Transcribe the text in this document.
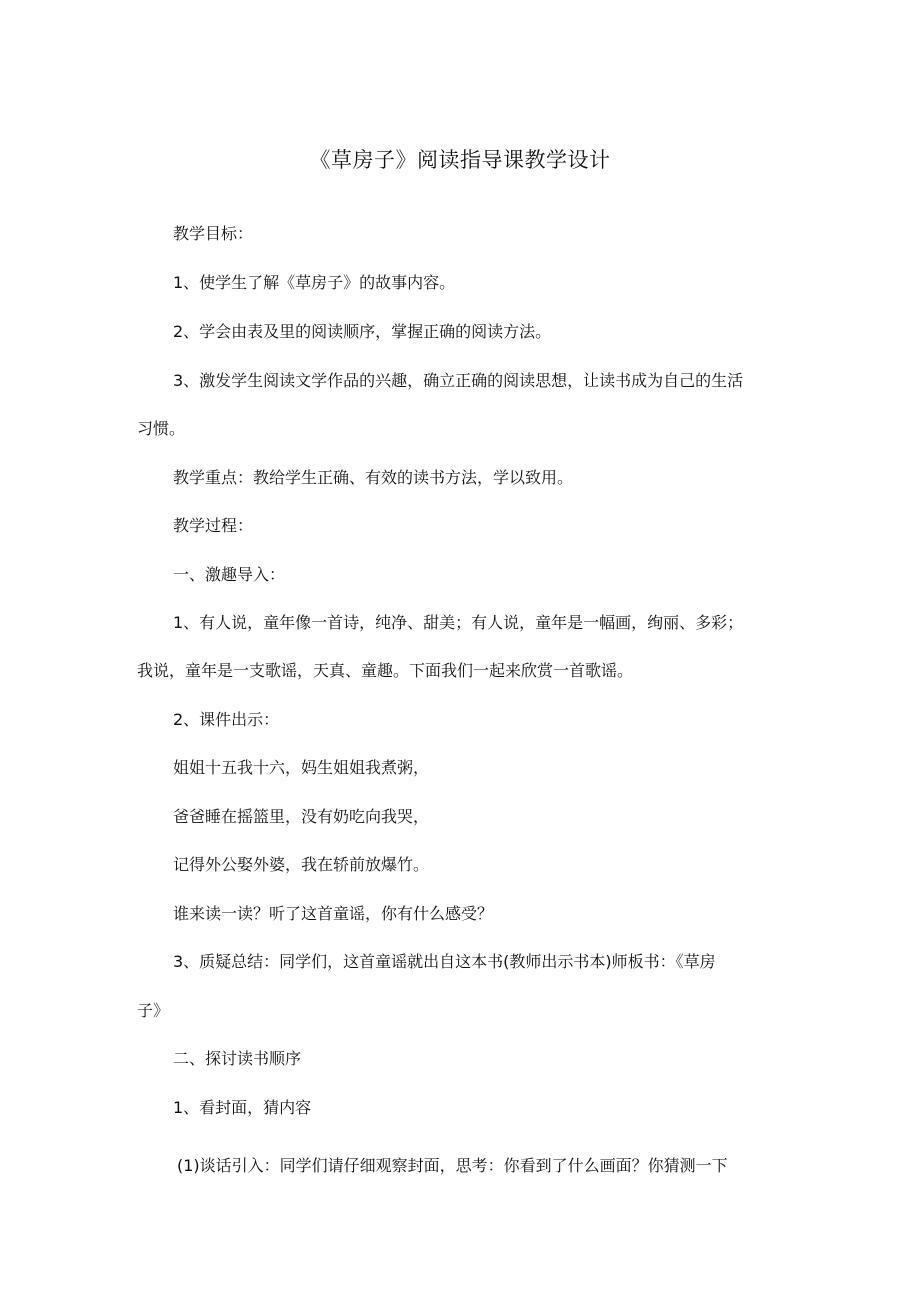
《草房子》阅读指导课教学设计
教学目标：
1、使学生了解《草房子》的故事内容。
2、学会由表及里的阅读顺序，掌握正确的阅读方法。
3、激发学生阅读文学作品的兴趣，确立正确的阅读思想，让读书成为自己的生活
习惯。
教学重点：教给学生正确、有效的读书方法，学以致用。
教学过程：
一、激趣导入：
1、有人说，童年像一首诗，纯净、甜美；有人说，童年是一幅画，绚丽、多彩；
我说，童年是一支歌谣，天真、童趣。下面我们一起来欣赏一首歌谣。
2、课件出示：
姐姐十五我十六，妈生姐姐我煮粥，
爸爸睡在摇篮里，没有奶吃向我哭，
记得外公娶外婆，我在轿前放爆竹。
谁来读一读？听了这首童谣，你有什么感受？
3、质疑总结：同学们，这首童谣就出自这本书(教师出示书本)师板书：《草房
子》
二、探讨读书顺序
1、看封面，猜内容
(1)谈话引入：同学们请仔细观察封面，思考：你看到了什么画面？你猜测一下
